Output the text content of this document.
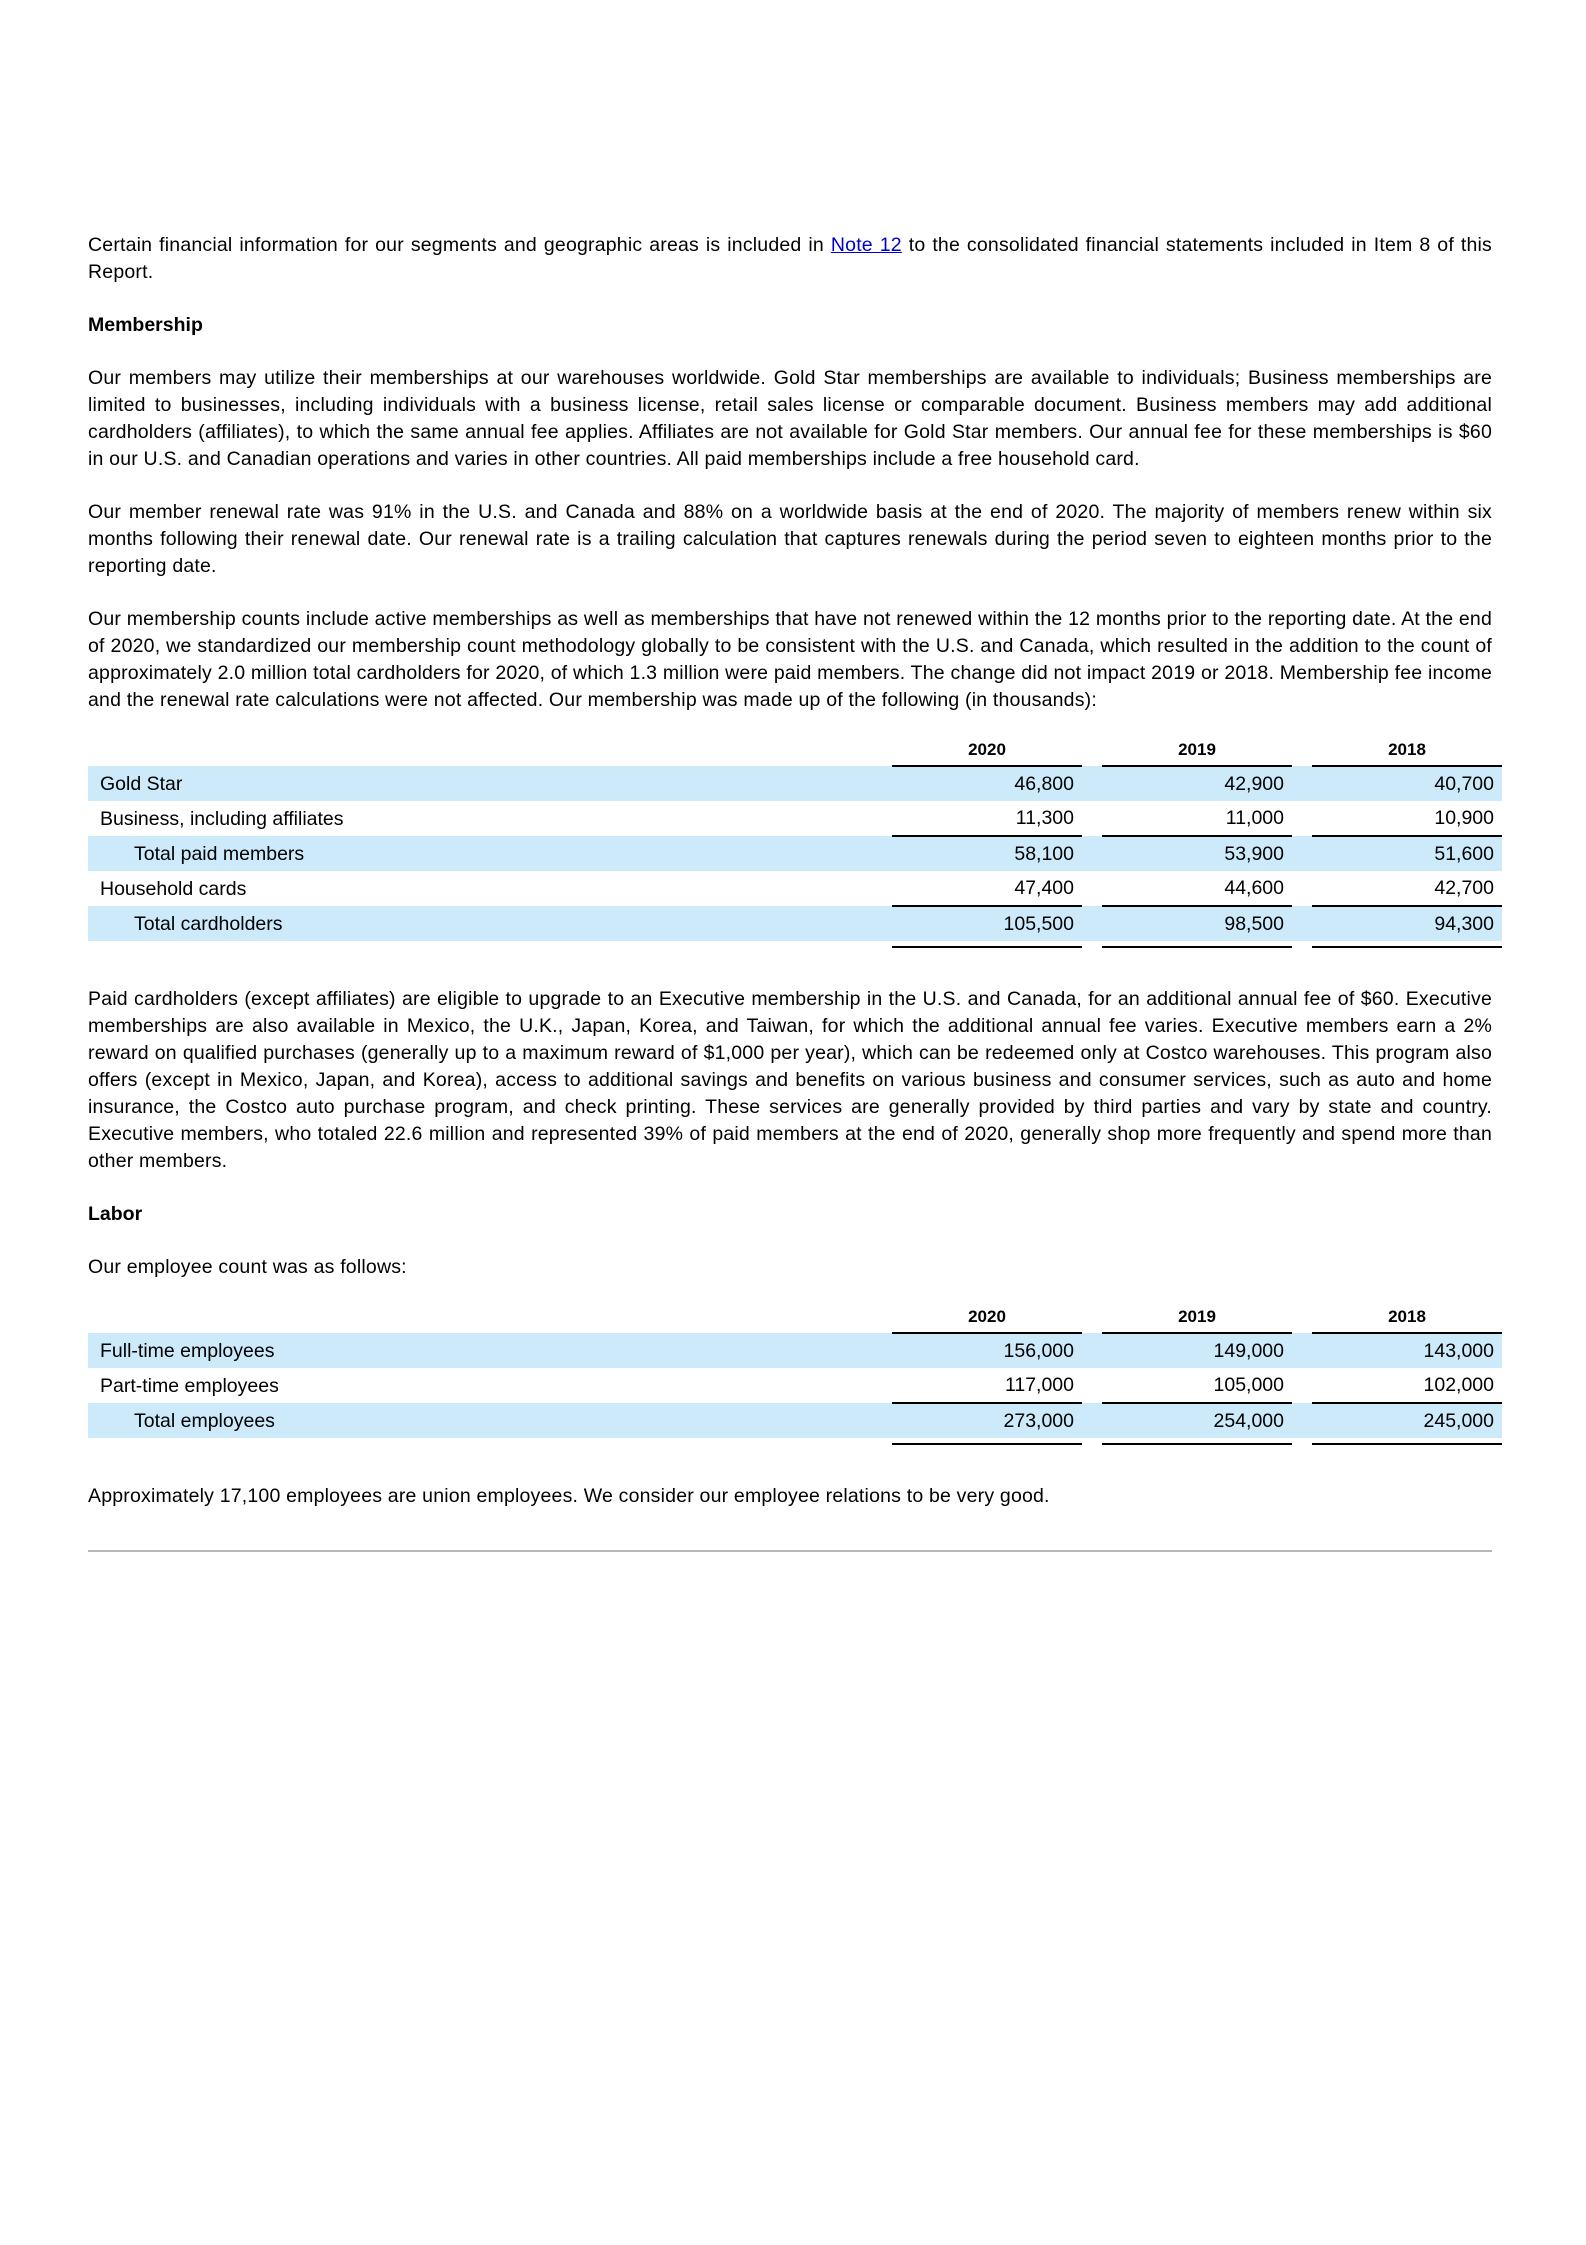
Certain financial information for our segments and geographic areas is included in Note 12 to the consolidated financial statements included in Item 8 of this Report.

Membership

Our members may utilize their memberships at our warehouses worldwide. Gold Star memberships are available to individuals; Business memberships are limited to businesses, including individuals with a business license, retail sales license or comparable document. Business members may add additional cardholders (affiliates), to which the same annual fee applies. Affiliates are not available for Gold Star members. Our annual fee for these memberships is $60 in our U.S. and Canadian operations and varies in other countries. All paid memberships include a free household card.

Our member renewal rate was 91% in the U.S. and Canada and 88% on a worldwide basis at the end of 2020. The majority of members renew within six months following their renewal date. Our renewal rate is a trailing calculation that captures renewals during the period seven to eighteen months prior to the reporting date.

Our membership counts include active memberships as well as memberships that have not renewed within the 12 months prior to the reporting date. At the end of 2020, we standardized our membership count methodology globally to be consistent with the U.S. and Canada, which resulted in the addition to the count of approximately 2.0 million total cardholders for 2020, of which 1.3 million were paid members. The change did not impact 2019 or 2018. Membership fee income and the renewal rate calculations were not affected. Our membership was made up of the following (in thousands):

		2020		2019		2018
Gold Star		46,800		42,900		40,700
Business, including affiliates		11,300		11,000		10,900
Total paid members		58,100		53,900		51,600
Household cards		47,400		44,600		42,700
Total cardholders		105,500		98,500		94,300

Paid cardholders (except affiliates) are eligible to upgrade to an Executive membership in the U.S. and Canada, for an additional annual fee of $60. Executive memberships are also available in Mexico, the U.K., Japan, Korea, and Taiwan, for which the additional annual fee varies. Executive members earn a 2% reward on qualified purchases (generally up to a maximum reward of $1,000 per year), which can be redeemed only at Costco warehouses. This program also offers (except in Mexico, Japan, and Korea), access to additional savings and benefits on various business and consumer services, such as auto and home insurance, the Costco auto purchase program, and check printing. These services are generally provided by third parties and vary by state and country. Executive members, who totaled 22.6 million and represented 39% of paid members at the end of 2020, generally shop more frequently and spend more than other members.

Labor

Our employee count was as follows:

		2020		2019		2018
Full-time employees		156,000		149,000		143,000
Part-time employees		117,000		105,000		102,000
Total employees		273,000		254,000		245,000

Approximately 17,100 employees are union employees. We consider our employee relations to be very good.
